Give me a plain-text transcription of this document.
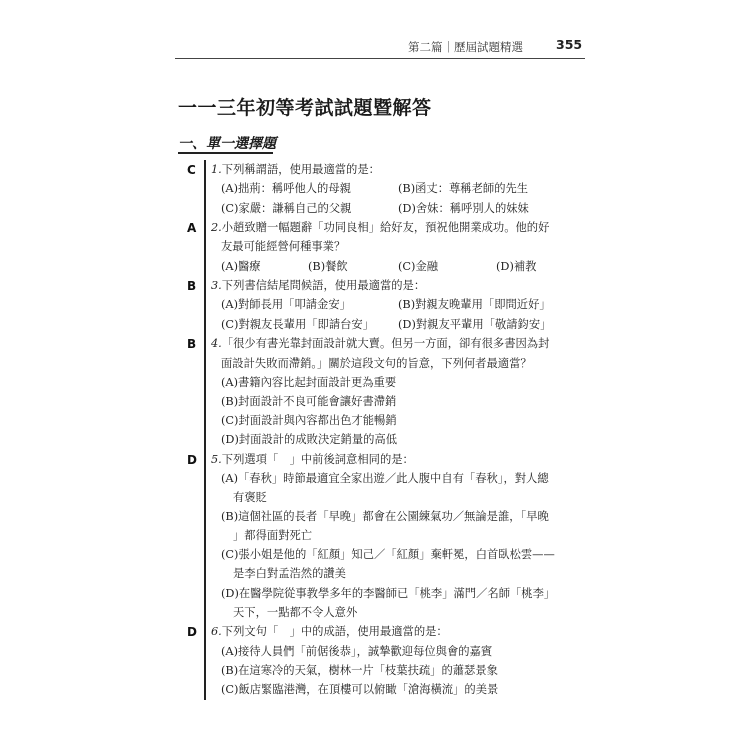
第二篇｜歷屆試題精選	355
一一三年初等考試試題暨解答
一、單一選擇題
C 1.下列稱謂語，使用最適當的是：
(A)拙荊：稱呼他人的母親	(B)函丈：尊稱老師的先生
(C)家嚴：謙稱自己的父親	(D)舍妹：稱呼別人的妹妹
A 2.小趙致贈一幅題辭「功同良相」給好友，預祝他開業成功。他的好
友最可能經營何種事業？
(A)醫療	(B)餐飲	(C)金融	(D)補教
B 3.下列書信結尾問候語，使用最適當的是：
(A)對師長用「叩請金安」	(B)對親友晚輩用「即問近好」
(C)對親友長輩用「即請台安」 (D)對親友平輩用「敬請鈞安」
B 4.「很少有書光靠封面設計就大賣。但另一方面，卻有很多書因為封
面設計失敗而滯銷。」關於這段文句的旨意，下列何者最適當？
(A)書籍內容比起封面設計更為重要
(B)封面設計不良可能會讓好書滯銷
(C)封面設計與內容都出色才能暢銷
(D)封面設計的成敗決定銷量的高低
D 5.下列選項「　」中前後詞意相同的是：
(A)「春秋」時節最適宜全家出遊／此人腹中自有「春秋」，對人總
有褒貶
(B)這個社區的長者「早晚」都會在公園練氣功／無論是誰，「早晚
」都得面對死亡
(C)張小姐是他的「紅顏」知己／「紅顏」棄軒冕，白首臥松雲——
是李白對孟浩然的讚美
(D)在醫學院從事教學多年的李醫師已「桃李」滿門／名師「桃李」
天下，一點都不令人意外
D 6.下列文句「　」中的成語，使用最適當的是：
(A)接待人員們「前倨後恭」，誠摯歡迎每位與會的嘉賓
(B)在這寒冷的天氣，樹林一片「枝葉扶疏」的蕭瑟景象
(C)飯店緊臨港灣，在頂樓可以俯瞰「滄海橫流」的美景
